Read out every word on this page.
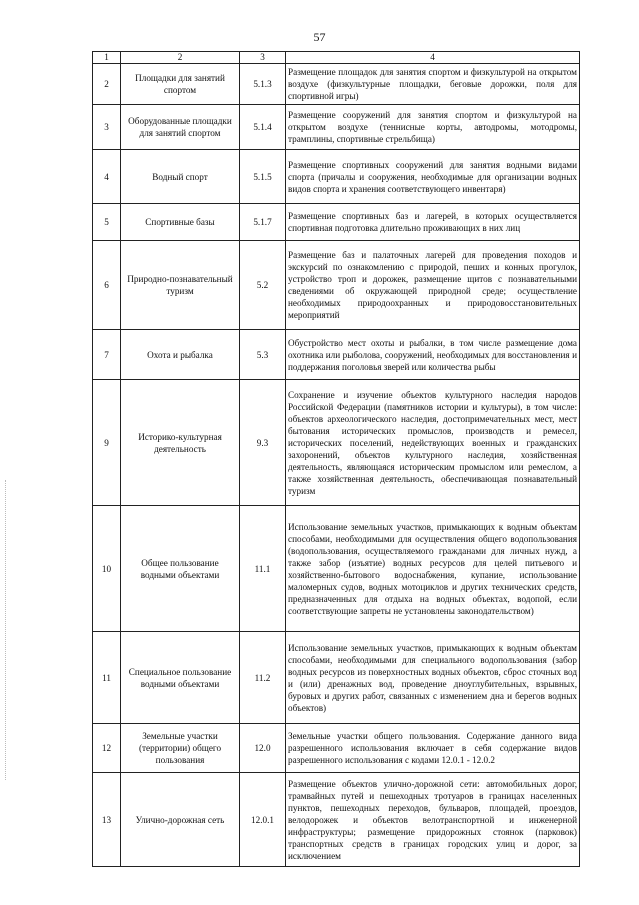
57
1	2	3	4
2	Площадки для занятий спортом	5.1.3	Размещение площадок для занятия спортом и физкультурой на открытом воздухе (физкультурные площадки, беговые дорожки, поля для спортивной игры)
3	Оборудованные площадки для занятий спортом	5.1.4	Размещение сооружений для занятия спортом и физкультурой на открытом воздухе (теннисные корты, автодромы, мотодромы, трамплины, спортивные стрельбища)
4	Водный спорт	5.1.5	Размещение спортивных сооружений для занятия водными видами спорта (причалы и сооружения, необходимые для организации водных видов спорта и хранения соответствующего инвентаря)
5	Спортивные базы	5.1.7	Размещение спортивных баз и лагерей, в которых осуществляется спортивная подготовка длительно проживающих в них лиц
6	Природно-познавательный туризм	5.2	Размещение баз и палаточных лагерей для проведения походов и экскурсий по ознакомлению с природой, пеших и конных прогулок, устройство троп и дорожек, размещение щитов с познавательными сведениями об окружающей природной среде; осуществление необходимых природоохранных и природовосстановительных мероприятий
7	Охота и рыбалка	5.3	Обустройство мест охоты и рыбалки, в том числе размещение дома охотника или рыболова, сооружений, необходимых для восстановления и поддержания поголовья зверей или количества рыбы
9	Историко-культурная деятельность	9.3	Сохранение и изучение объектов культурного наследия народов Российской Федерации (памятников истории и культуры), в том числе: объектов археологического наследия, достопримечательных мест, мест бытования исторических промыслов, производств и ремесел, исторических поселений, недействующих военных и гражданских захоронений, объектов культурного наследия, хозяйственная деятельность, являющаяся историческим промыслом или ремеслом, а также хозяйственная деятельность, обеспечивающая познавательный туризм
10	Общее пользование водными объектами	11.1	Использование земельных участков, примыкающих к водным объектам способами, необходимыми для осуществления общего водопользования (водопользования, осуществляемого гражданами для личных нужд, а также забор (изъятие) водных ресурсов для целей питьевого и хозяйственно-бытового водоснабжения, купание, использование маломерных судов, водных мотоциклов и других технических средств, предназначенных для отдыха на водных объектах, водопой, если соответствующие запреты не установлены законодательством)
11	Специальное пользование водными объектами	11.2	Использование земельных участков, примыкающих к водным объектам способами, необходимыми для специального водопользования (забор водных ресурсов из поверхностных водных объектов, сброс сточных вод и (или) дренажных вод, проведение дноуглубительных, взрывных, буровых и других работ, связанных с изменением дна и берегов водных объектов)
12	Земельные участки (территории) общего пользования	12.0	Земельные участки общего пользования. Содержание данного вида разрешенного использования включает в себя содержание видов разрешенного использования с кодами 12.0.1 - 12.0.2
13	Улично-дорожная сеть	12.0.1	Размещение объектов улично-дорожной сети: автомобильных дорог, трамвайных путей и пешеходных тротуаров в границах населенных пунктов, пешеходных переходов, бульваров, площадей, проездов, велодорожек и объектов велотранспортной и инженерной инфраструктуры; размещение придорожных стоянок (парковок) транспортных средств в границах городских улиц и дорог, за исключением
